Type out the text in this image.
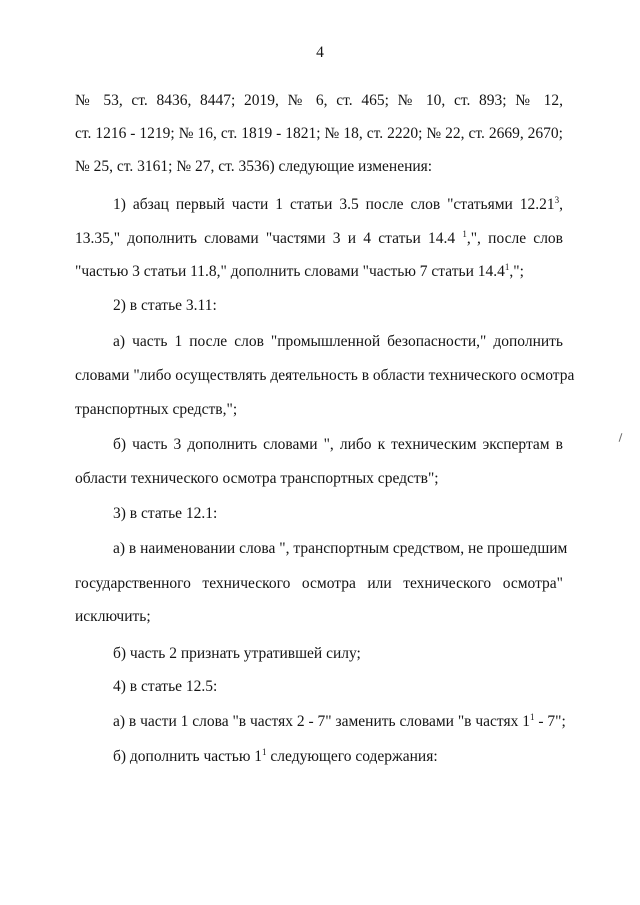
4
№ 53, ст. 8436, 8447; 2019, № 6, ст. 465; № 10, ст. 893; № 12,
ст. 1216 - 1219; № 16, ст. 1819 - 1821; № 18, ст. 2220; № 22, ст. 2669, 2670;
№ 25, ст. 3161; № 27, ст. 3536) следующие изменения:
1) абзац первый части 1 статьи 3.5 после слов "статьями 12.21$^3$,
13.35," дополнить словами "частями 3 и 4 статьи 14.4 $^1$,", после слов
"частью 3 статьи 11.8," дополнить словами "частью 7 статьи 14.4$^1$,";
2) в статье 3.11:
а) часть 1 после слов "промышленной безопасности," дополнить
словами "либо осуществлять деятельность в области технического осмотра
транспортных средств,";
б) часть 3 дополнить словами ", либо к техническим экспертам в
области технического осмотра транспортных средств";
3) в статье 12.1:
а) в наименовании слова ", транспортным средством, не прошедшим
государственного технического осмотра или технического осмотра"
исключить;
б) часть 2 признать утратившей силу;
4) в статье 12.5:
а) в части 1 слова "в частях 2 - 7" заменить словами "в частях $1^1 - 7$";
б) дополнить частью $1^1$ следующего содержания:
